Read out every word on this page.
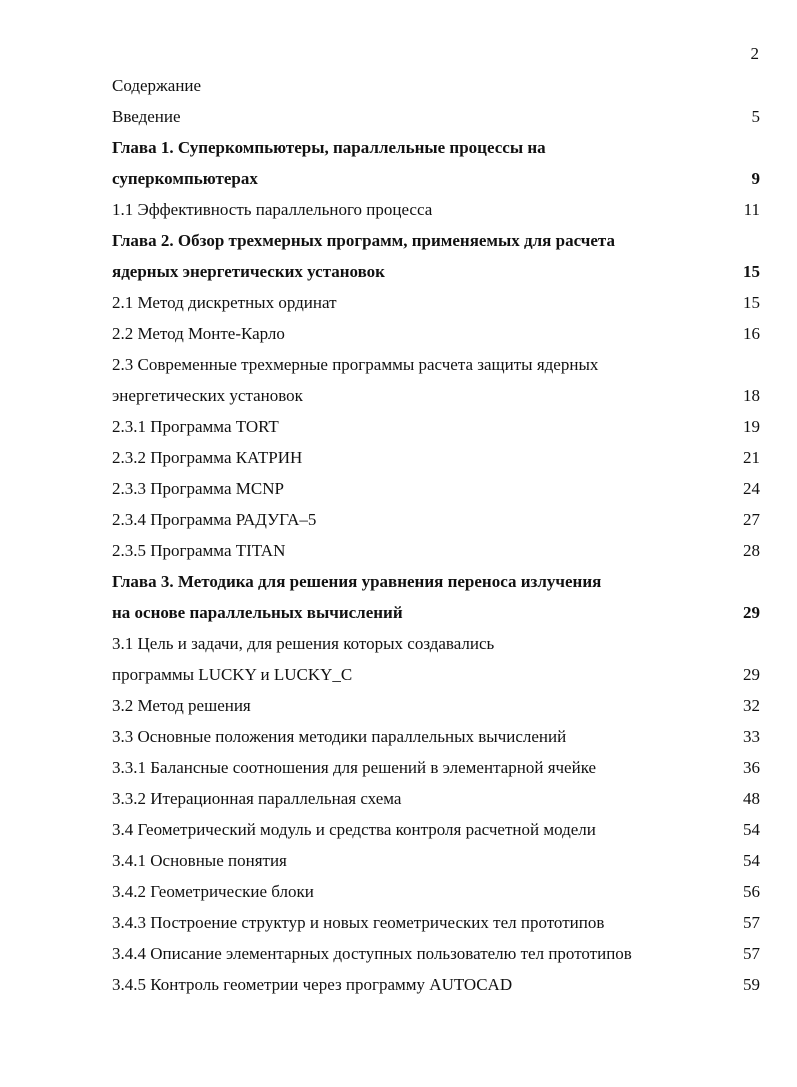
2
Содержание
Введение	5
Глава 1. Суперкомпьютеры, параллельные процессы на
суперкомпьютерах	9
1.1 Эффективность параллельного процесса	11
Глава 2. Обзор трехмерных программ, применяемых для расчета
ядерных энергетических установок	15
2.1 Метод дискретных ординат	15
2.2 Метод Монте-Карло	16
2.3 Современные трехмерные программы расчета защиты ядерных
энергетических установок	18
2.3.1 Программа TORT	19
2.3.2 Программа КАТРИН	21
2.3.3 Программа MCNP	24
2.3.4 Программа РАДУГА–5	27
2.3.5 Программа TITAN	28
Глава 3. Методика для решения уравнения переноса излучения
на основе параллельных вычислений	29
3.1 Цель и задачи, для решения которых создавались
программы LUCKY и LUCKY_C	29
3.2 Метод решения	32
3.3 Основные положения методики параллельных вычислений	33
3.3.1 Балансные соотношения для решений в элементарной ячейке	36
3.3.2 Итерационная параллельная схема	48
3.4 Геометрический модуль и средства контроля расчетной модели	54
3.4.1 Основные понятия	54
3.4.2 Геометрические блоки	56
3.4.3 Построение структур и новых геометрических тел прототипов	57
3.4.4 Описание элементарных доступных пользователю тел прототипов	57
3.4.5 Контроль геометрии через программу AUTOCAD	59
